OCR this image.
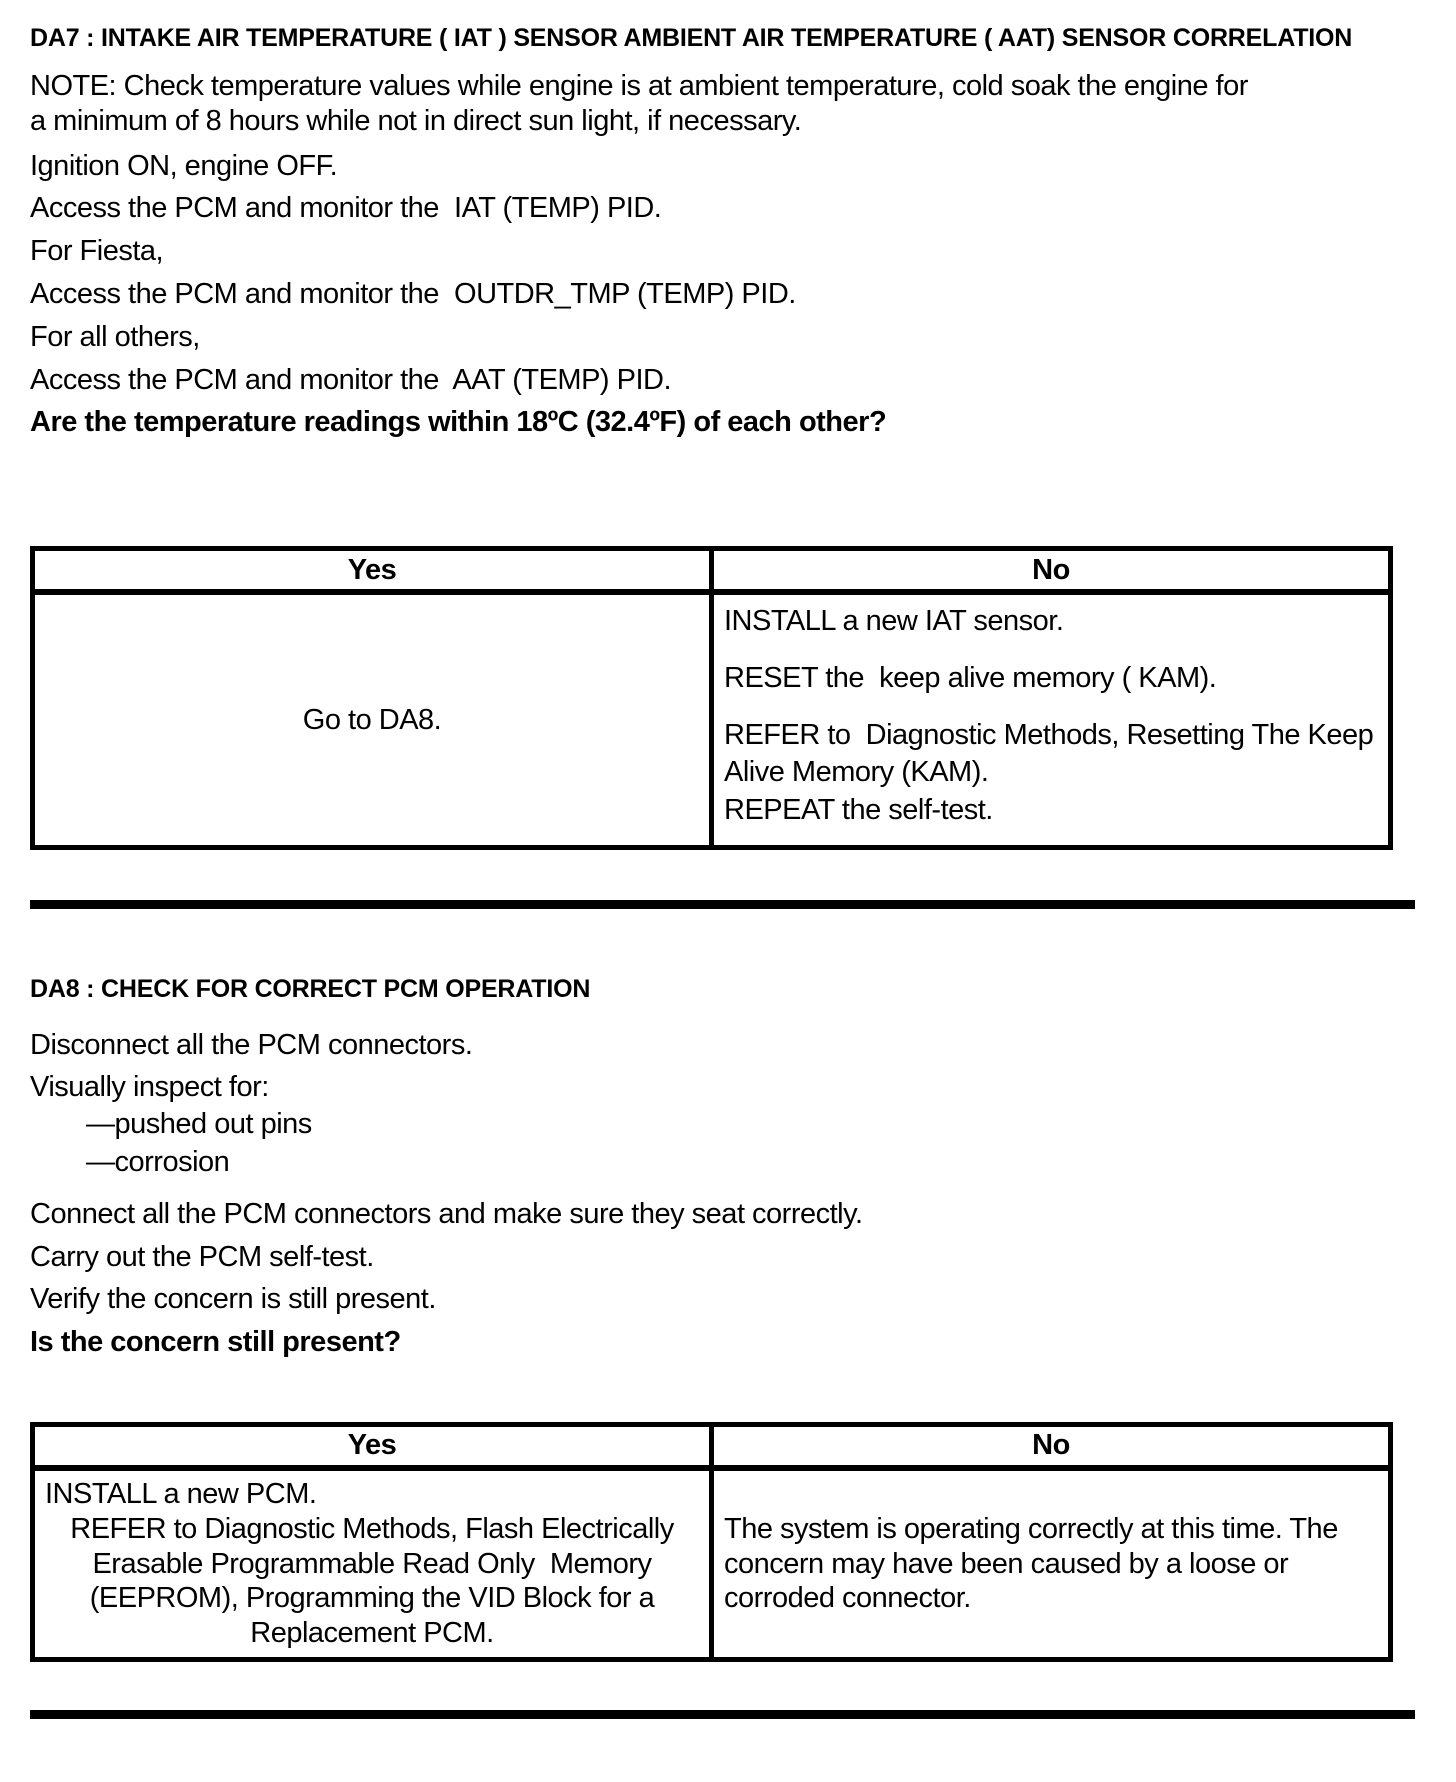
DA7 : INTAKE AIR TEMPERATURE ( IAT ) SENSOR AMBIENT AIR TEMPERATURE ( AAT) SENSOR CORRELATION

NOTE: Check temperature values while engine is at ambient temperature, cold soak the engine for a minimum of 8 hours while not in direct sun light, if necessary.

Ignition ON, engine OFF.

Access the PCM and monitor the  IAT (TEMP) PID.

For Fiesta,

Access the PCM and monitor the  OUTDR_TMP (TEMP) PID.

For all others,

Access the PCM and monitor the  AAT (TEMP) PID.

Are the temperature readings within 18ºC (32.4ºF) of each other?

Yes	No

Go to DA8.	INSTALL a new IAT sensor.

RESET the  keep alive memory ( KAM).

REFER to  Diagnostic Methods, Resetting The Keep Alive Memory (KAM).

REPEAT the self-test.

DA8 : CHECK FOR CORRECT PCM OPERATION

Disconnect all the PCM connectors.

Visually inspect for:

—pushed out pins

—corrosion

Connect all the PCM connectors and make sure they seat correctly.

Carry out the PCM self-test.

Verify the concern is still present.

Is the concern still present?

Yes	No

INSTALL a new PCM.

REFER to Diagnostic Methods, Flash Electrically Erasable Programmable Read Only  Memory (EEPROM), Programming the VID Block for a  Replacement PCM.	The system is operating correctly at this time. The concern may have been caused by a loose or corroded connector.
